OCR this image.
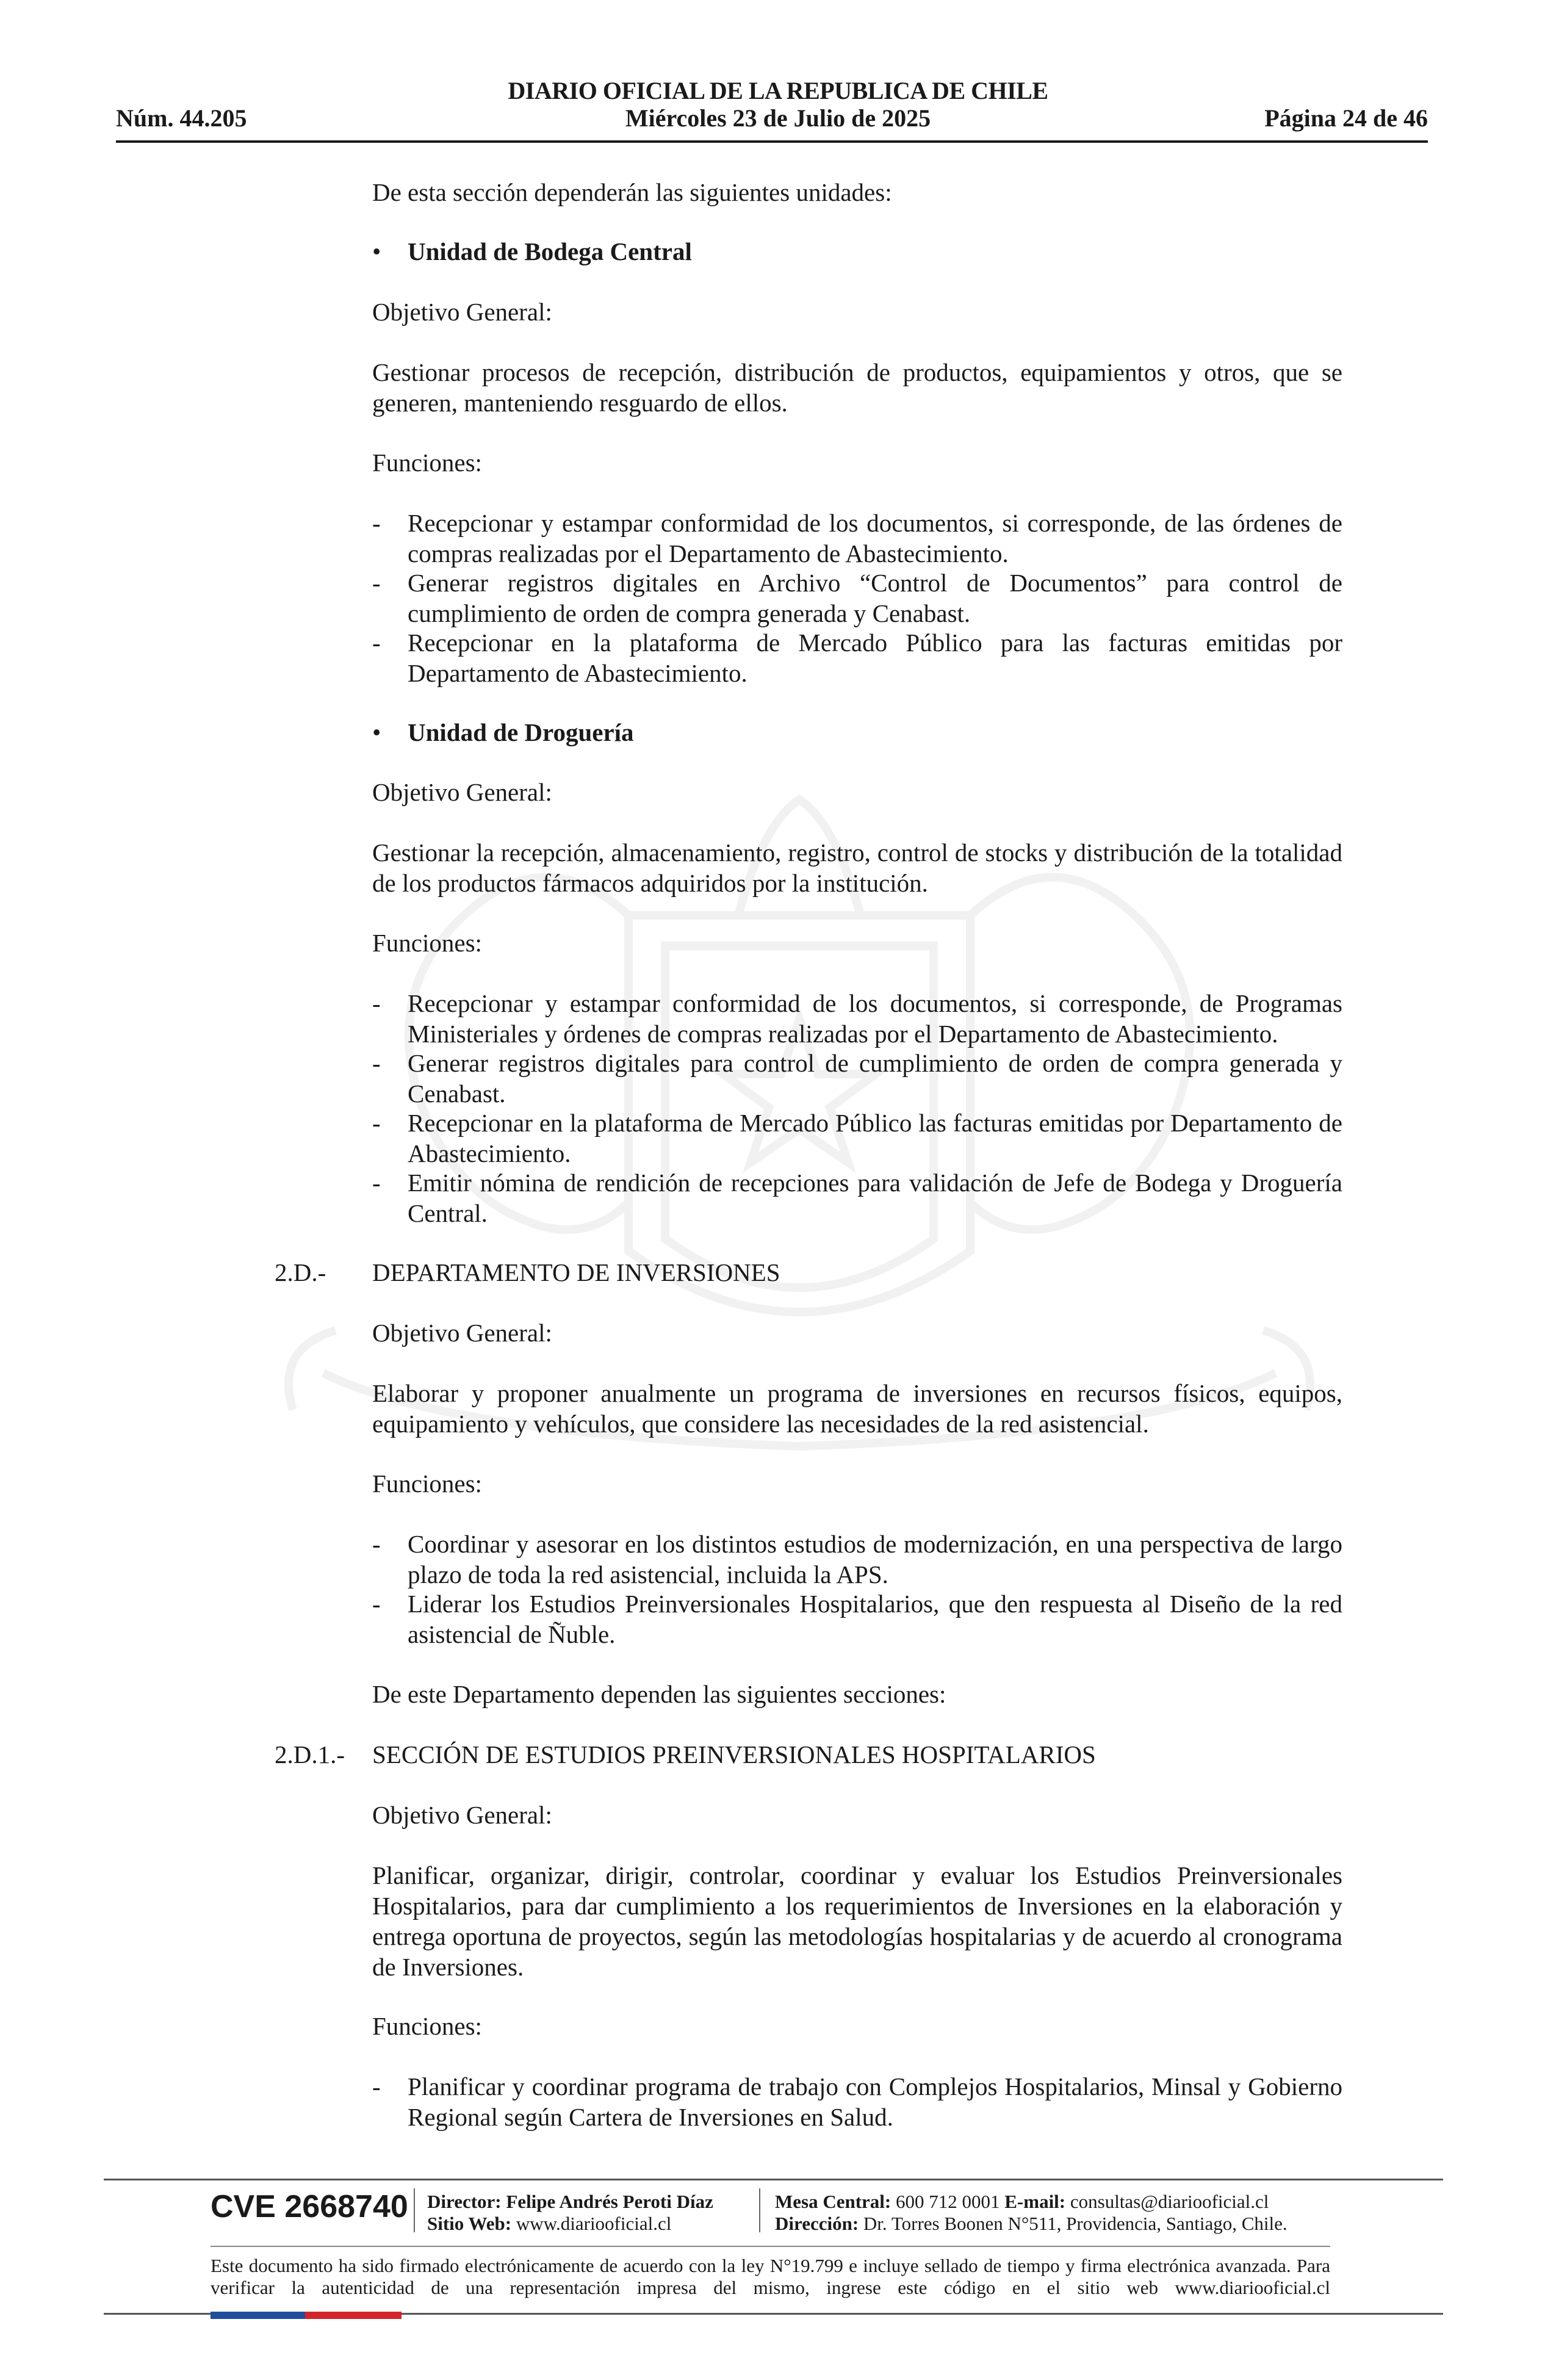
DIARIO OFICIAL DE LA REPUBLICA DE CHILE
Núm. 44.205	Miércoles 23 de Julio de 2025	Página 24 de 46
De esta sección dependerán las siguientes unidades:
• Unidad de Bodega Central
Objetivo General:
Gestionar procesos de recepción, distribución de productos, equipamientos y otros, que se generen, manteniendo resguardo de ellos.
Funciones:
- Recepcionar y estampar conformidad de los documentos, si corresponde, de las órdenes de compras realizadas por el Departamento de Abastecimiento.
- Generar registros digitales en Archivo “Control de Documentos” para control de cumplimiento de orden de compra generada y Cenabast.
- Recepcionar en la plataforma de Mercado Público para las facturas emitidas por Departamento de Abastecimiento.
• Unidad de Droguería
Objetivo General:
Gestionar la recepción, almacenamiento, registro, control de stocks y distribución de la totalidad de los productos fármacos adquiridos por la institución.
Funciones:
- Recepcionar y estampar conformidad de los documentos, si corresponde, de Programas Ministeriales y órdenes de compras realizadas por el Departamento de Abastecimiento.
- Generar registros digitales para control de cumplimiento de orden de compra generada y Cenabast.
- Recepcionar en la plataforma de Mercado Público las facturas emitidas por Departamento de Abastecimiento.
- Emitir nómina de rendición de recepciones para validación de Jefe de Bodega y Droguería Central.
2.D.- DEPARTAMENTO DE INVERSIONES
Objetivo General:
Elaborar y proponer anualmente un programa de inversiones en recursos físicos, equipos, equipamiento y vehículos, que considere las necesidades de la red asistencial.
Funciones:
- Coordinar y asesorar en los distintos estudios de modernización, en una perspectiva de largo plazo de toda la red asistencial, incluida la APS.
- Liderar los Estudios Preinversionales Hospitalarios, que den respuesta al Diseño de la red asistencial de Ñuble.
De este Departamento dependen las siguientes secciones:
2.D.1.- SECCIÓN DE ESTUDIOS PREINVERSIONALES HOSPITALARIOS
Objetivo General:
Planificar, organizar, dirigir, controlar, coordinar y evaluar los Estudios Preinversionales Hospitalarios, para dar cumplimiento a los requerimientos de Inversiones en la elaboración y entrega oportuna de proyectos, según las metodologías hospitalarias y de acuerdo al cronograma de Inversiones.
Funciones:
- Planificar y coordinar programa de trabajo con Complejos Hospitalarios, Minsal y Gobierno Regional según Cartera de Inversiones en Salud.
CVE 2668740 Director: Felipe Andrés Peroti Díaz
Sitio Web: www.diariooficial.cl
Mesa Central: 600 712 0001 E-mail: consultas@diariooficial.cl
Dirección: Dr. Torres Boonen N°511, Providencia, Santiago, Chile.
Este documento ha sido firmado electrónicamente de acuerdo con la ley N°19.799 e incluye sellado de tiempo y firma electrónica avanzada. Para verificar la autenticidad de una representación impresa del mismo, ingrese este código en el sitio web www.diariooficial.cl
